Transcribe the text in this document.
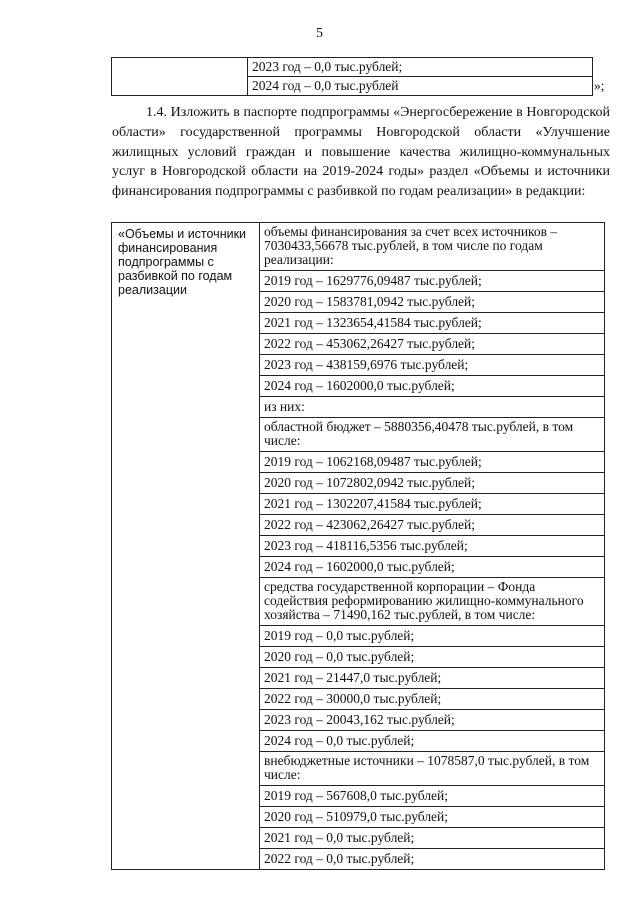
5

2023 год – 0,0 тыс.рублей;
2024 год – 0,0 тыс.рублей	»;
1.4. Изложить в паспорте подпрограммы «Энергосбережение в Новгородской области» государственной программы Новгородской области «Улучшение жилищных условий граждан и повышение качества жилищно-коммунальных услуг в Новгородской области на 2019-2024 годы» раздел «Объемы и источники финансирования подпрограммы с разбивкой по годам реализации» в редакции:
«Объемы и источники финансирования подпрограммы с разбивкой по годам реализации	
объемы финансирования за счет всех источников – 7030433,56678 тыс.рублей, в том числе по годам реализации:
2019 год – 1629776,09487 тыс.рублей;
2020 год – 1583781,0942 тыс.рублей;
2021 год – 1323654,41584 тыс.рублей;
2022 год – 453062,26427 тыс.рублей;
2023 год – 438159,6976 тыс.рублей;
2024 год – 1602000,0 тыс.рублей;
из них:
областной бюджет – 5880356,40478 тыс.рублей, в том числе:
2019 год – 1062168,09487 тыс.рублей;
2020 год – 1072802,0942 тыс.рублей;
2021 год – 1302207,41584 тыс.рублей;
2022 год – 423062,26427 тыс.рублей;
2023 год – 418116,5356 тыс.рублей;
2024 год – 1602000,0 тыс.рублей;
средства государственной корпорации – Фонда содействия реформированию жилищно-коммунального хозяйства – 71490,162 тыс.рублей, в том числе:
2019 год – 0,0 тыс.рублей;
2020 год – 0,0 тыс.рублей;
2021 год – 21447,0 тыс.рублей;
2022 год – 30000,0 тыс.рублей;
2023 год – 20043,162 тыс.рублей;
2024 год – 0,0 тыс.рублей;
внебюджетные источники – 1078587,0 тыс.рублей, в том числе:
2019 год – 567608,0 тыс.рублей;
2020 год – 510979,0 тыс.рублей;
2021 год – 0,0 тыс.рублей;
2022 год – 0,0 тыс.рублей;
